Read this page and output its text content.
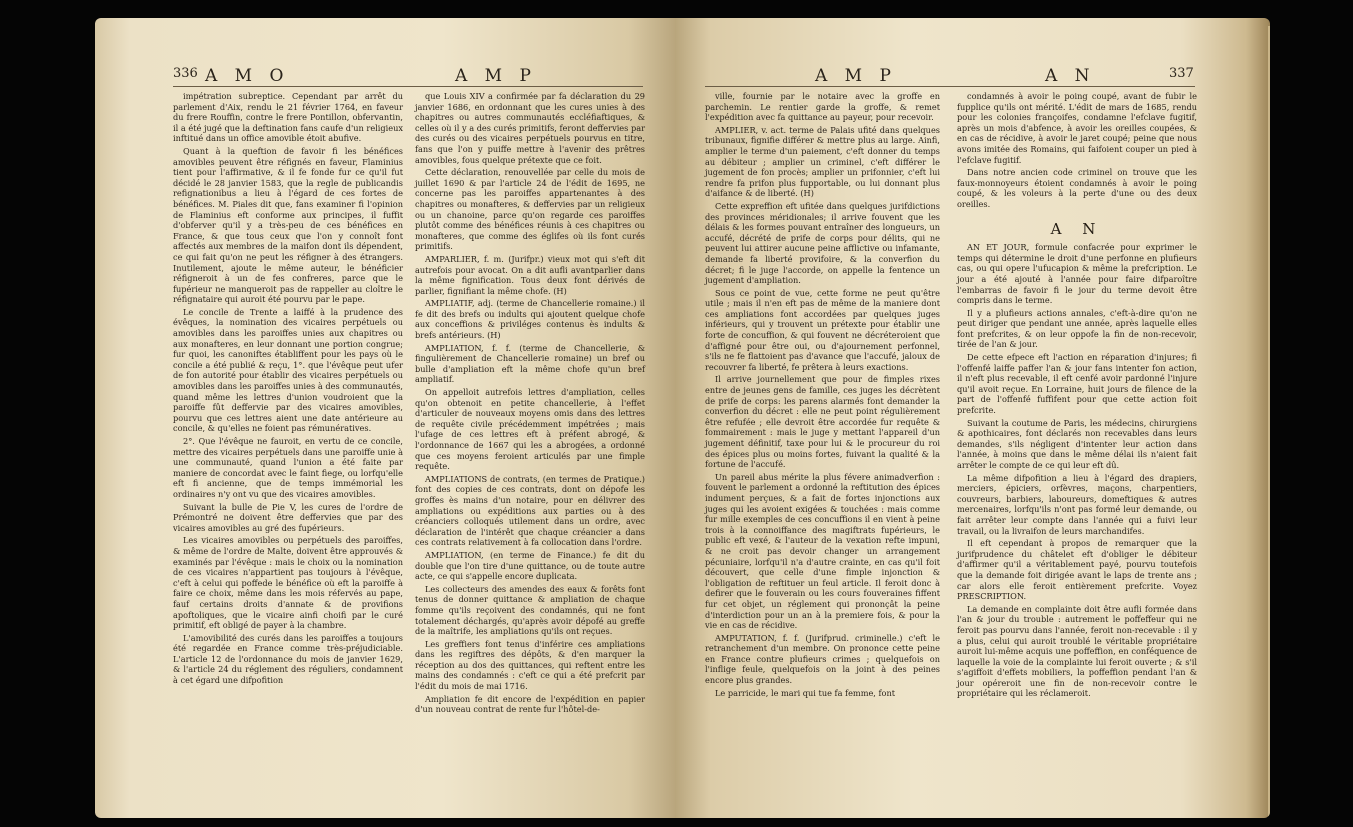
336 A M O	A M P

impétration subreptice. Cependant par arrêt du parlement d'Aix, rendu le 21 février 1764, en faveur du frere Rouffin, contre le frere Pontillon, obfervantin, il a été jugé que la deftination fans caufe d'un religieux inftitué dans un office amovible étoit abufive.

Quant à la queftion de favoir fi les bénéfices amovibles peuvent être réfignés en faveur, Flaminius tient pour l'affirmative, & il fe fonde fur ce qu'il fut décidé le 28 janvier 1583, que la regle de publicandis refignationibus a lieu à l'égard de ces fortes de bénéfices. M. Piales dit que, fans examiner fi l'opinion de Flaminius eft conforme aux principes, il fuffit d'obferver qu'il y a très-peu de ces bénéfices en France, & que tous ceux que l'on y connoît font affectés aux membres de la maifon dont ils dépendent, ce qui fait qu'on ne peut les réfigner à des étrangers. Inutilement, ajoute le même auteur, le bénéficier réfigneroit à un de fes confreres, parce que le fupérieur ne manqueroit pas de rappeller au cloître le réfignataire qui auroit été pourvu par le pape.

Le concile de Trente a laiffé à la prudence des évêques, la nomination des vicaires perpétuels ou amovibles dans les paroiffes unies aux chapitres ou aux monafteres, en leur donnant une portion congrue; fur quoi, les canoniftes établiffent pour les pays où le concile a été publié & reçu, 1°. que l'évêque peut ufer de fon autorité pour établir des vicaires perpétuels ou amovibles dans les paroiffes unies à des communautés, quand même les lettres d'union voudroient que la paroiffe fût deffervie par des vicaires amovibles, pourvu que ces lettres aient une date antérieure au concile, & qu'elles ne foient pas rémunératives.

2°. Que l'évêque ne fauroit, en vertu de ce concile, mettre des vicaires perpétuels dans une paroiffe unie à une communauté, quand l'union a été faite par maniere de concordat avec le faint fiege, ou lorfqu'elle eft fi ancienne, que de temps immémorial les ordinaires n'y ont vu que des vicaires amovibles.

Suivant la bulle de Pie V, les cures de l'ordre de Prémontré ne doivent être deffervies que par des vicaires amovibles au gré des fupérieurs.

Les vicaires amovibles ou perpétuels des paroiffes, & même de l'ordre de Malte, doivent être approuvés & examinés par l'évêque : mais le choix ou la nomination de ces vicaires n'appartient pas toujours à l'évêque, c'eft à celui qui poffede le bénéfice où eft la paroiffe à faire ce choix, même dans les mois réfervés au pape, fauf certains droits d'annate & de provifions apoftoliques, que le vicaire ainfi choifi par le curé primitif, eft obligé de payer à la chambre.

L'amovibilité des curés dans les paroiffes a toujours été regardée en France comme très-préjudiciable. L'article 12 de l'ordonnance du mois de janvier 1629, & l'article 24 du réglement des réguliers, condamnent à cet égard une difpofition

que Louis XIV a confirmée par fa déclaration du 29 janvier 1686, en ordonnant que les cures unies à des chapitres ou autres communautés eccléfiaftiques, & celles où il y a des curés primitifs, feront deffervies par des curés ou des vicaires perpétuels pourvus en titre, fans que l'on y puiffe mettre à l'avenir des prêtres amovibles, fous quelque prétexte que ce foit.

Cette déclaration, renouvellée par celle du mois de juillet 1690 & par l'article 24 de l'édit de 1695, ne concerne pas les paroiffes appartenantes à des chapitres ou monafteres, & deffervies par un religieux ou un chanoine, parce qu'on regarde ces paroiffes plutôt comme des bénéfices réunis à ces chapitres ou monafteres, que comme des églifes où ils font curés primitifs.

AMPARLIER, f. m. (Jurifpr.) vieux mot qui s'eft dit autrefois pour avocat. On a dit aufli avantparlier dans la même fignification. Tous deux font dérivés de parlier, fignifiant la même chofe. (H)

AMPLIATIF, adj. (terme de Chancellerie romaine.) il fe dit des brefs ou indults qui ajoutent quelque chofe aux conceffions & priviléges contenus ès indults & brefs antérieurs. (H)

AMPLIATION, f. f. (terme de Chancellerie, & fingulièrement de Chancellerie romaine) un bref ou bulle d'ampliation eft la même chofe qu'un bref ampliatif.

On appelloit autrefois lettres d'ampliation, celles qu'on obtenoit en petite chancellerie, à l'effet d'articuler de nouveaux moyens omis dans des lettres de requête civile précédemment impétrées ; mais l'ufage de ces lettres eft à préfent abrogé, & l'ordonnance de 1667 qui les a abrogées, a ordonné que ces moyens feroient articulés par une fimple requête.

AMPLIATIONS de contrats, (en termes de Pratique.) font des copies de ces contrats, dont on dépofe les groffes ès mains d'un notaire, pour en délivrer des ampliations ou expéditions aux parties ou à des créanciers colloqués utilement dans un ordre, avec déclaration de l'intérêt que chaque créancier a dans ces contrats relativement à fa collocation dans l'ordre.

AMPLIATION, (en terme de Finance.) fe dit du double que l'on tire d'une quittance, ou de toute autre acte, ce qui s'appelle encore duplicata.

Les collecteurs des amendes des eaux & forêts font tenus de donner quittance & ampliation de chaque fomme qu'ils reçoivent des condamnés, qui ne font totalement déchargés, qu'après avoir dépofé au greffe de la maîtrife, les ampliations qu'ils ont reçues.

Les greffiers font tenus d'inférire ces ampliations dans les regiftres des dépôts, & d'en marquer la réception au dos des quittances, qui reftent entre les mains des condamnés : c'eft ce qui a été prefcrit par l'édit du mois de mai 1716.

Ampliation fe dit encore de l'expédition en papier d'un nouveau contrat de rente fur l'hôtel-de-

A M P	A N	337

ville, fournie par le notaire avec la groffe en parchemin. Le rentier garde la groffe, & remet l'expédition avec fa quittance au payeur, pour recevoir.

AMPLIER, v. act. terme de Palais ufité dans quelques tribunaux, fignifie différer & mettre plus au large. Ainfi, amplier le terme d'un paiement, c'eft donner du temps au débiteur ; amplier un criminel, c'eft différer le jugement de fon procès; amplier un prifonnier, c'eft lui rendre fa prifon plus fupportable, ou lui donnant plus d'aifance & de liberté. (H)

Cette expreffion eft ufitée dans quelques jurifdictions des provinces méridionales; il arrive fouvent que les délais & les formes pouvant entraîner des longueurs, un accufé, décrété de prife de corps pour délits, qui ne peuvent lui attirer aucune peine afflictive ou infamante, demande fa liberté provifoire, & la converfion du décret; fi le juge l'accorde, on appelle la fentence un jugement d'ampliation.

Sous ce point de vue, cette forme ne peut qu'être utile ; mais il n'en eft pas de même de la maniere dont ces ampliations font accordées par quelques juges inférieurs, qui y trouvent un prétexte pour établir une forte de concuffion, & qui fouvent ne décréteroient que d'affigné pour être oui, ou d'ajournement perfonnel, s'ils ne fe flattoient pas d'avance que l'accufé, jaloux de recouvrer fa liberté, fe prêtera à leurs exactions.

Il arrive journellement que pour de fimples rixes entre de jeunes gens de famille, ces juges les décrètent de prife de corps: les parens alarmés font demander la converfion du décret : elle ne peut point régulièrement être refufée ; elle devroit être accordée fur requête & fommairement : mais le juge y mettant l'appareil d'un jugement définitif, taxe pour lui & le procureur du roi des épices plus ou moins fortes, fuivant la qualité & la fortune de l'accufé.

Un pareil abus mérite la plus févere animadverfion : fouvent le parlement a ordonné la reftitution des épices indument perçues, & a fait de fortes injonctions aux juges qui les avoient exigées & touchées : mais comme fur mille exemples de ces concuffions il en vient à peine trois à la connoiffance des magiftrats fupérieurs, le public eft vexé, & l'auteur de la vexation refte impuni, & ne croit pas devoir changer un arrangement pécuniaire, lorfqu'il n'a d'autre crainte, en cas qu'il foit découvert, que celle d'une fimple injonction & l'obligation de reftituer un feul article. Il feroit donc à defirer que le fouverain ou les cours fouveraines fiffent fur cet objet, un réglement qui prononçât la peine d'interdiction pour un an à la premiere fois, & pour la vie en cas de récidive.

AMPUTATION, f. f. (Jurifprud. criminelle.) c'eft le retranchement d'un membre. On prononce cette peine en France contre plufieurs crimes ; quelquefois on l'inflige feule, quelquefois on la joint à des peines encore plus grandes.

Le parricide, le mari qui tue fa femme, font

condamnés à avoir le poing coupé, avant de fubir le fupplice qu'ils ont mérité. L'édit de mars de 1685, rendu pour les colonies françoifes, condamne l'efclave fugitif, après un mois d'abfence, à avoir les oreilles coupées, & en cas de récidive, à avoir le jaret coupé; peine que nous avons imitée des Romains, qui faifoient couper un pied à l'efclave fugitif.

Dans notre ancien code criminel on trouve que les faux-monnoyeurs étoient condamnés à avoir le poing coupé, & les voleurs à la perte d'une ou des deux oreilles.

A N

AN ET JOUR, formule confacrée pour exprimer le temps qui détermine le droit d'une perfonne en plufieurs cas, ou qui opere l'ufucapion & même la prefcription. Le jour a été ajouté à l'année pour faire difparoître l'embarras de favoir fi le jour du terme devoit être compris dans le terme.

Il y a plufieurs actions annales, c'eft-à-dire qu'on ne peut diriger que pendant une année, après laquelle elles font prefcrites, & on leur oppofe la fin de non-recevoir, tirée de l'an & jour.

De cette efpece eft l'action en réparation d'injures; fi l'offenfé laiffe paffer l'an & jour fans intenter fon action, il n'eft plus recevable, il eft cenfé avoir pardonné l'injure qu'il avoit reçue. En Lorraine, huit jours de filence de la part de l'offenfé fuffifent pour que cette action foit prefcrite.

Suivant la coutume de Paris, les médecins, chirurgiens & apothicaires, font déclarés non recevables dans leurs demandes, s'ils négligent d'intenter leur action dans l'année, à moins que dans le même délai ils n'aient fait arrêter le compte de ce qui leur eft dû.

La même difpofition a lieu à l'égard des drapiers, merciers, épiciers, orfèvres, maçons, charpentiers, couvreurs, barbiers, laboureurs, domeftiques & autres mercenaires, lorfqu'ils n'ont pas formé leur demande, ou fait arrêter leur compte dans l'année qui a fuivi leur travail, ou la livraifon de leurs marchandifes.

Il eft cependant à propos de remarquer que la jurifprudence du châtelet eft d'obliger le débiteur d'affirmer qu'il a véritablement payé, pourvu toutefois que la demande foit dirigée avant le laps de trente ans ; car alors elle feroit entièrement prefcrite. Voyez PRESCRIPTION.

La demande en complainte doit être aufli formée dans l'an & jour du trouble : autrement le poffeffeur qui ne feroit pas pourvu dans l'année, feroit non-recevable : il y a plus, celui qui auroit troublé le véritable propriétaire auroit lui-même acquis une poffeffion, en conféquence de laquelle la voie de la complainte lui feroit ouverte ; & s'il s'agiffoit d'effets mobiliers, la poffeffion pendant l'an & jour opéreroit une fin de non-recevoir contre le propriétaire qui les réclameroit.
